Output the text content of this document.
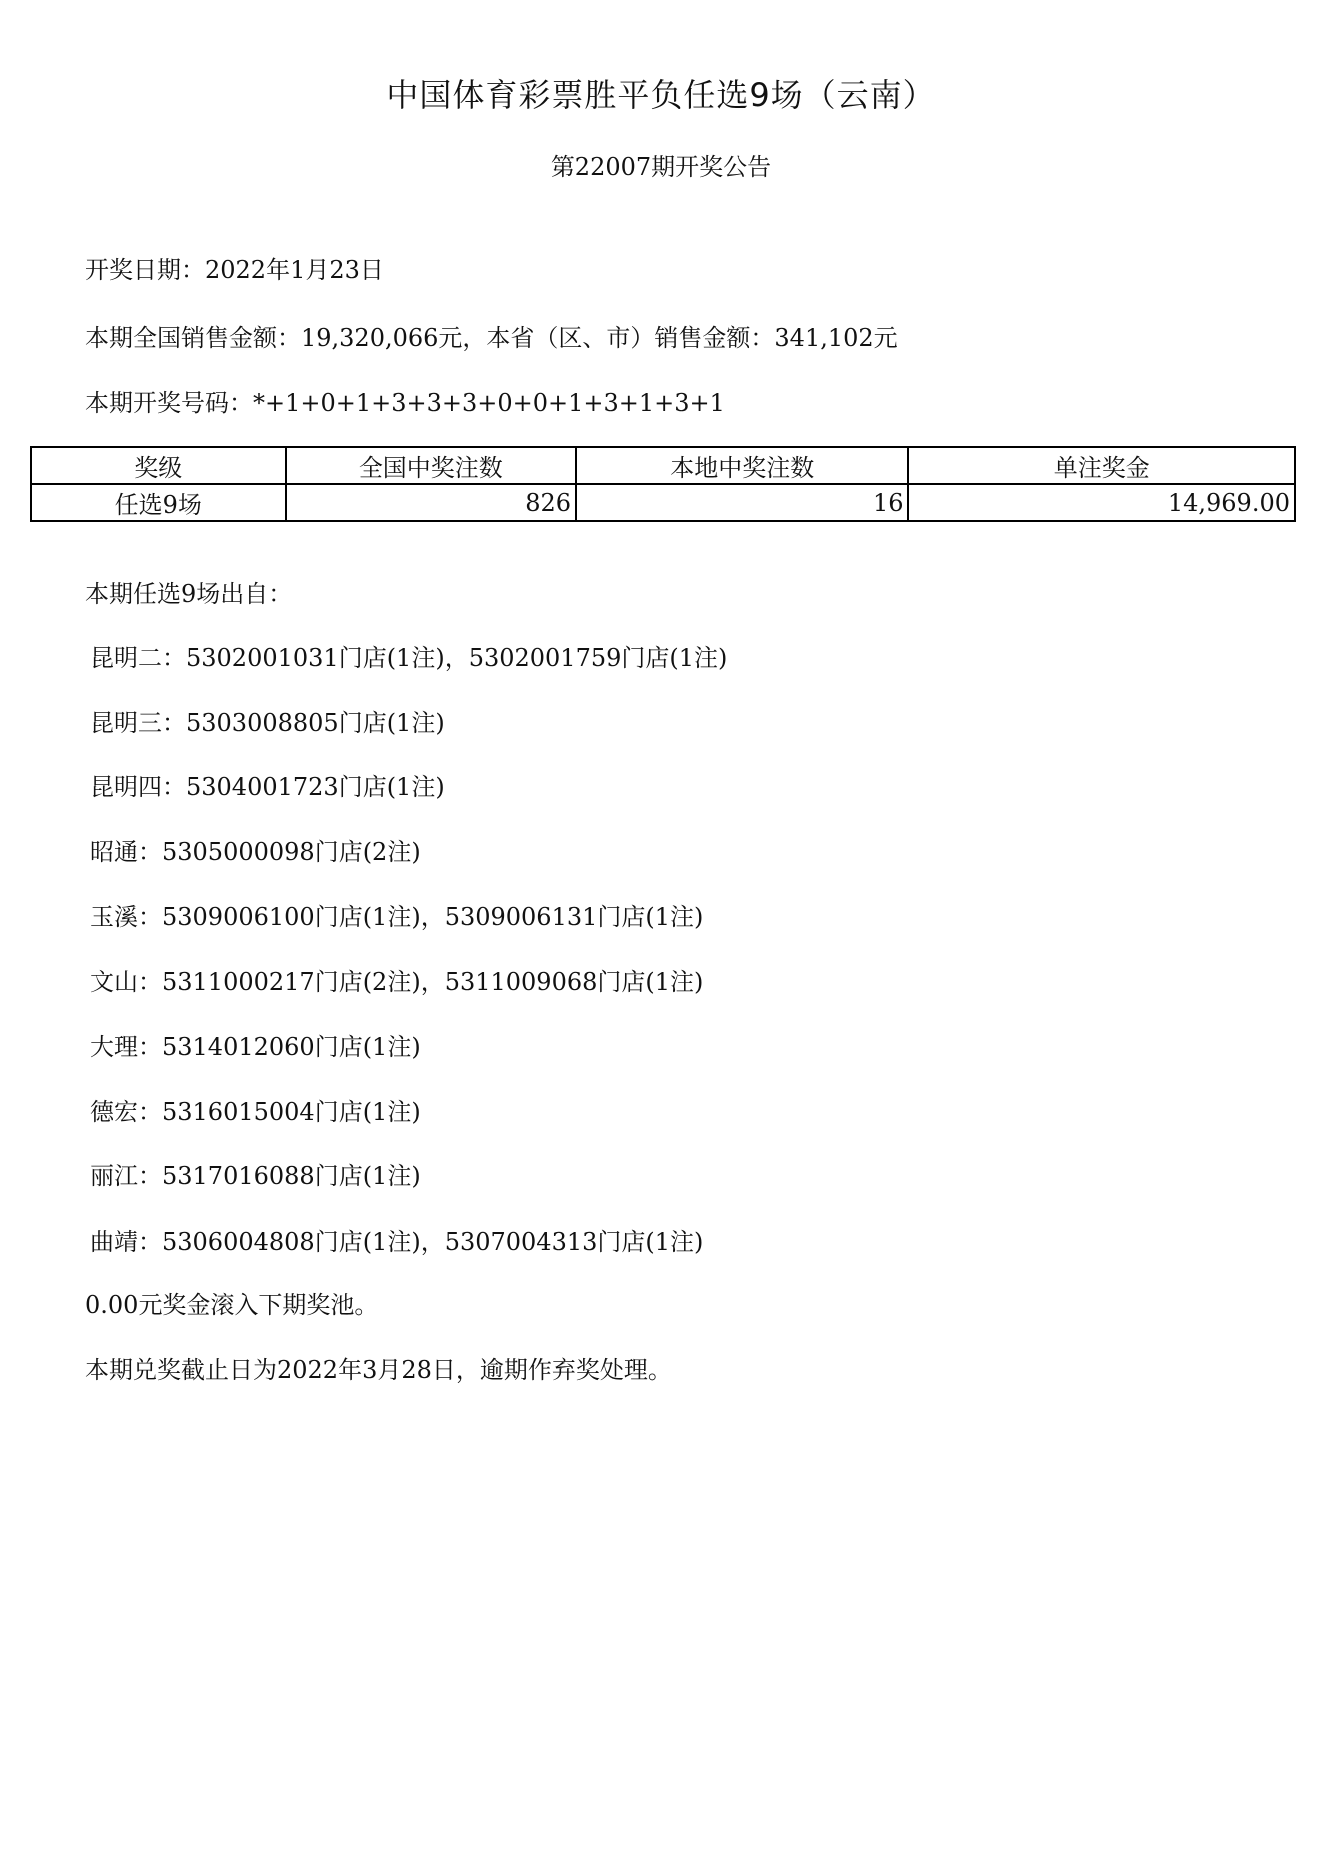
中国体育彩票胜平负任选9场（云南）
第22007期开奖公告
开奖日期：2022年1月23日
本期全国销售金额：19,320,066元，本省（区、市）销售金额：341,102元
本期开奖号码：*+1+0+1+3+3+3+0+0+1+3+1+3+1
奖级	全国中奖注数	本地中奖注数	单注奖金
任选9场	826	16	14,969.00
本期任选9场出自：
昆明二：5302001031门店(1注)，5302001759门店(1注)
昆明三：5303008805门店(1注)
昆明四：5304001723门店(1注)
昭通：5305000098门店(2注)
玉溪：5309006100门店(1注)，5309006131门店(1注)
文山：5311000217门店(2注)，5311009068门店(1注)
大理：5314012060门店(1注)
德宏：5316015004门店(1注)
丽江：5317016088门店(1注)
曲靖：5306004808门店(1注)，5307004313门店(1注)
0.00元奖金滚入下期奖池。
本期兑奖截止日为2022年3月28日，逾期作弃奖处理。
